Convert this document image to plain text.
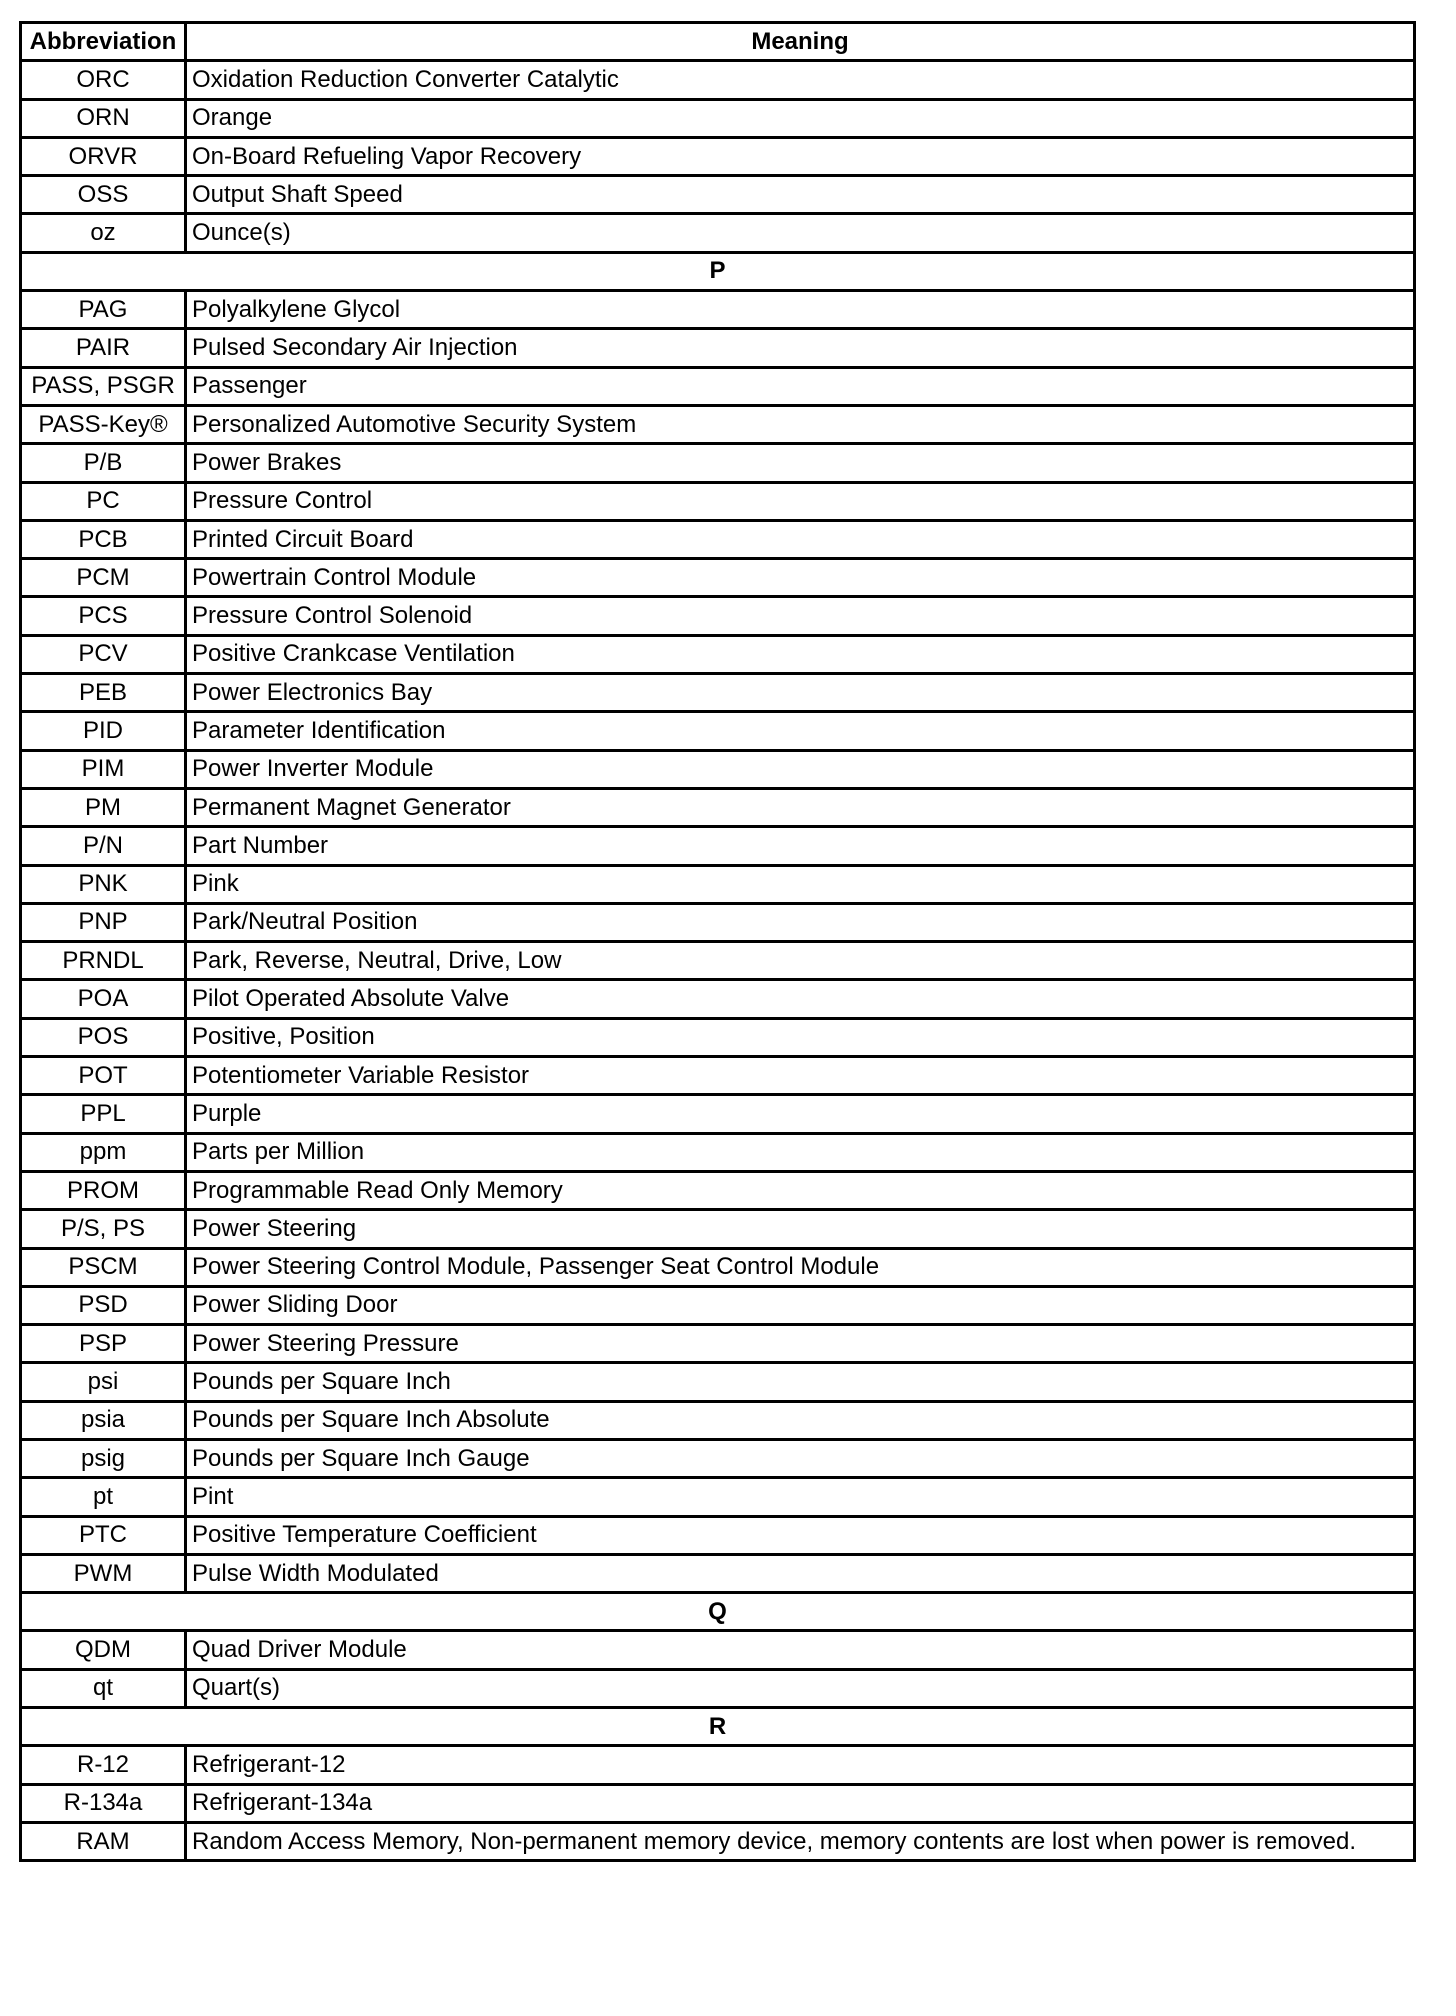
Abbreviation	Meaning
ORC	Oxidation Reduction Converter Catalytic
ORN	Orange
ORVR	On-Board Refueling Vapor Recovery
OSS	Output Shaft Speed
oz	Ounce(s)
P	
PAG	Polyalkylene Glycol
PAIR	Pulsed Secondary Air Injection
PASS, PSGR	Passenger
PASS-Key®	Personalized Automotive Security System
P/B	Power Brakes
PC	Pressure Control
PCB	Printed Circuit Board
PCM	Powertrain Control Module
PCS	Pressure Control Solenoid
PCV	Positive Crankcase Ventilation
PEB	Power Electronics Bay
PID	Parameter Identification
PIM	Power Inverter Module
PM	Permanent Magnet Generator
P/N	Part Number
PNK	Pink
PNP	Park/Neutral Position
PRNDL	Park, Reverse, Neutral, Drive, Low
POA	Pilot Operated Absolute Valve
POS	Positive, Position
POT	Potentiometer Variable Resistor
PPL	Purple
ppm	Parts per Million
PROM	Programmable Read Only Memory
P/S, PS	Power Steering
PSCM	Power Steering Control Module, Passenger Seat Control Module
PSD	Power Sliding Door
PSP	Power Steering Pressure
psi	Pounds per Square Inch
psia	Pounds per Square Inch Absolute
psig	Pounds per Square Inch Gauge
pt	Pint
PTC	Positive Temperature Coefficient
PWM	Pulse Width Modulated
Q	
QDM	Quad Driver Module
qt	Quart(s)
R	
R-12	Refrigerant-12
R-134a	Refrigerant-134a
RAM	Random Access Memory, Non-permanent memory device, memory contents are lost when power is removed.
